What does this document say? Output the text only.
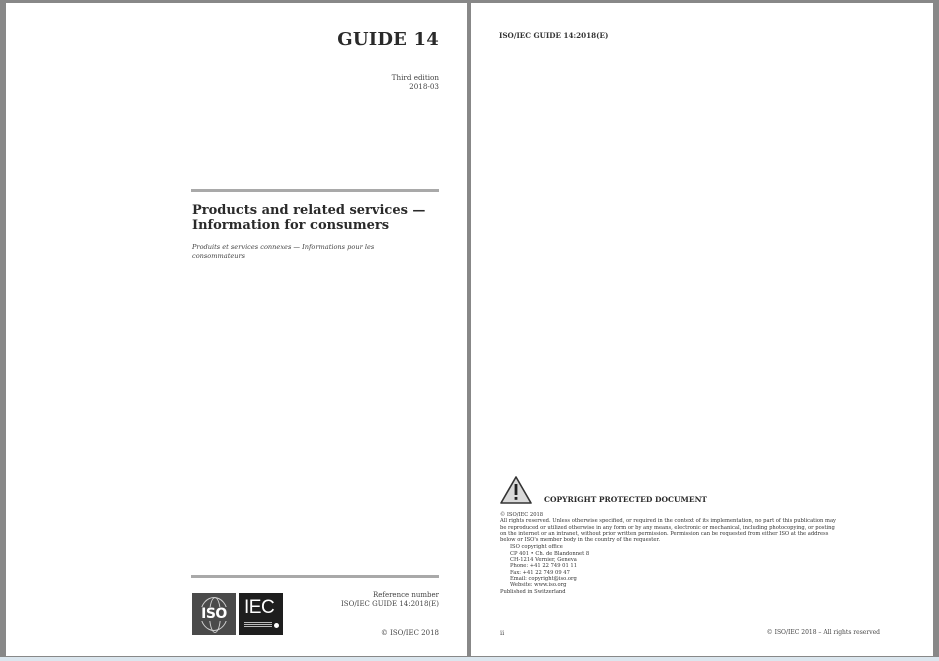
GUIDE 14
Third edition
2018-03
Products and related services —
Information for consumers
Produits et services connexes — Informations pour les
consommateurs
ISO IEC
Reference number
ISO/IEC GUIDE 14:2018(E)
© ISO/IEC 2018
ISO/IEC GUIDE 14:2018(E)
COPYRIGHT PROTECTED DOCUMENT
© ISO/IEC 2018
All rights reserved. Unless otherwise specified, or required in the context of its implementation, no part of this publication may
be reproduced or utilized otherwise in any form or by any means, electronic or mechanical, including photocopying, or posting
on the internet or an intranet, without prior written permission. Permission can be requested from either ISO at the address
below or ISO's member body in the country of the requester.
ISO copyright office
CP 401 • Ch. de Blandonnet 8
CH-1214 Vernier, Geneva
Phone: +41 22 749 01 11
Fax: +41 22 749 09 47
Email: copyright@iso.org
Website: www.iso.org
Published in Switzerland
ii	© ISO/IEC 2018 – All rights reserved
